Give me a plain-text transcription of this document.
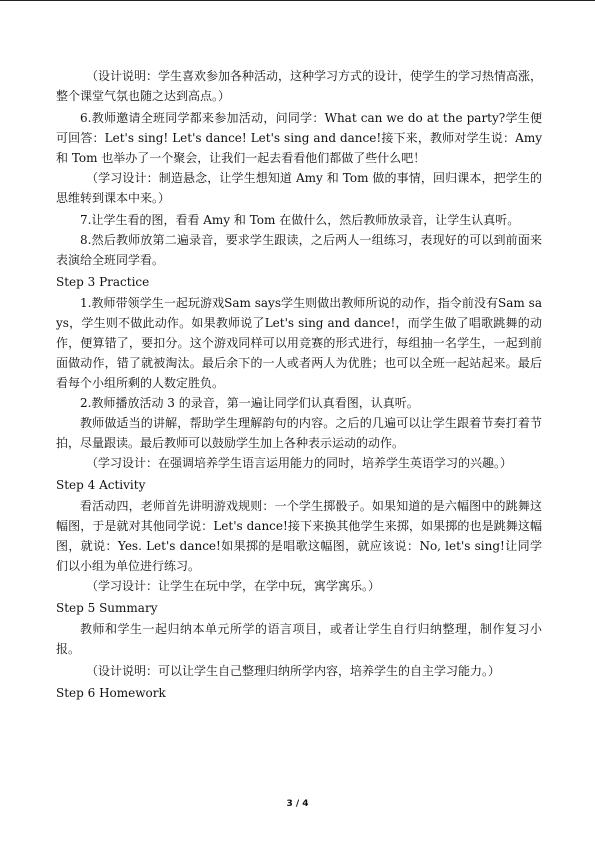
（设计说明：学生喜欢参加各种活动，这种学习方式的设计，使学生的学习热情高涨，整个课堂气氛也随之达到高点。）

6.教师邀请全班同学都来参加活动，问同学：What can we do at the party?学生便可回答：Let's sing! Let's dance! Let's sing and dance!接下来，教师对学生说：Amy 和 Tom 也举办了一个聚会，让我们一起去看看他们都做了些什么吧！

（学习设计：制造悬念，让学生想知道 Amy 和 Tom 做的事情，回归课本，把学生的思维转到课本中来。）

7.让学生看的图，看看 Amy 和 Tom 在做什么，然后教师放录音，让学生认真听。

8.然后教师放第二遍录音，要求学生跟读，之后两人一组练习，表现好的可以到前面来表演给全班同学看。

Step 3 Practice

1.教师带领学生一起玩游戏Sam says学生则做出教师所说的动作，指令前没有Sam says，学生则不做此动作。如果教师说了Let's sing and dance!，而学生做了唱歌跳舞的动作，便算错了，要扣分。这个游戏同样可以用竞赛的形式进行，每组抽一名学生，一起到前面做动作，错了就被淘汰。最后余下的一人或者两人为优胜；也可以全班一起站起来。最后看每个小组所剩的人数定胜负。

2.教师播放活动 3 的录音，第一遍让同学们认真看图，认真听。

教师做适当的讲解，帮助学生理解韵句的内容。之后的几遍可以让学生跟着节奏打着节拍，尽量跟读。最后教师可以鼓励学生加上各种表示运动的动作。

（学习设计：在强调培养学生语言运用能力的同时，培养学生英语学习的兴趣。）

Step 4 Activity

看活动四，老师首先讲明游戏规则：一个学生掷骰子。如果知道的是六幅图中的跳舞这幅图，于是就对其他同学说：Let's dance!接下来换其他学生来掷，如果掷的也是跳舞这幅图，就说：Yes. Let's dance!如果掷的是唱歌这幅图，就应该说：No, let's sing!让同学们以小组为单位进行练习。

（学习设计：让学生在玩中学，在学中玩，寓学寓乐。）

Step 5 Summary

教师和学生一起归纳本单元所学的语言项目，或者让学生自行归纳整理，制作复习小报。

（设计说明：可以让学生自己整理归纳所学内容，培养学生的自主学习能力。）

Step 6 Homework

3 / 4
